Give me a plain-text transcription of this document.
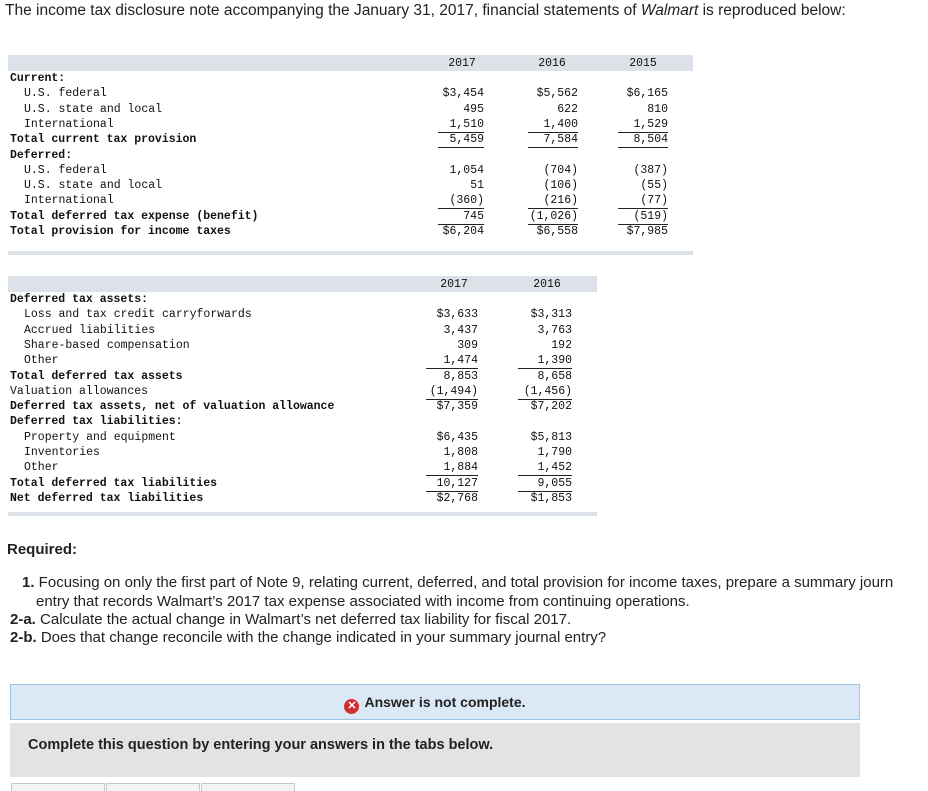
The income tax disclosure note accompanying the January 31, 2017, financial statements of Walmart is reproduced below:
2017	2016	2015
Current:
U.S. federal	$3,454	$5,562	$6,165
U.S. state and local	495	622	810
International	1,510	1,400	1,529
Total current tax provision	5,459	7,584	8,504
Deferred:
U.S. federal	1,054	(704)	(387)
U.S. state and local	51	(106)	(55)
International	(360)	(216)	(77)
Total deferred tax expense (benefit)	745	(1,026)	(519)
Total provision for income taxes	$6,204	$6,558	$7,985
2017	2016
Deferred tax assets:
Loss and tax credit carryforwards	$3,633	$3,313
Accrued liabilities	3,437	3,763
Share-based compensation	309	192
Other	1,474	1,390
Total deferred tax assets	8,853	8,658
Valuation allowances	(1,494)	(1,456)
Deferred tax assets, net of valuation allowance	$7,359	$7,202
Deferred tax liabilities:
Property and equipment	$6,435	$5,813
Inventories	1,808	1,790
Other	1,884	1,452
Total deferred tax liabilities	10,127	9,055
Net deferred tax liabilities	$2,768	$1,853
Required:
1. Focusing on only the first part of Note 9, relating current, deferred, and total provision for income taxes, prepare a summary journ
entry that records Walmart’s 2017 tax expense associated with income from continuing operations.
2-a. Calculate the actual change in Walmart’s net deferred tax liability for fiscal 2017.
2-b. Does that change reconcile with the change indicated in your summary journal entry?
✕ Answer is not complete.
Complete this question by entering your answers in the tabs below.
